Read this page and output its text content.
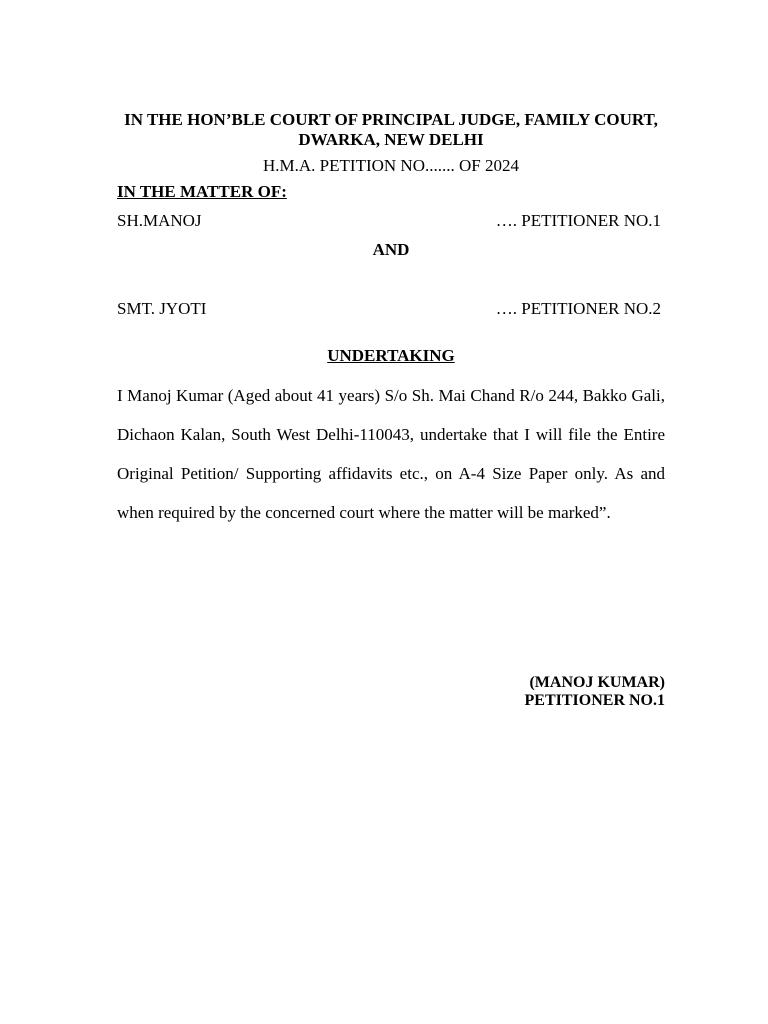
IN THE HON’BLE COURT OF PRINCIPAL JUDGE, FAMILY COURT, DWARKA, NEW DELHI

H.M.A. PETITION NO....... OF 2024

IN THE MATTER OF:

SH.MANOJ	…. PETITIONER NO.1
AND
SMT. JYOTI	…. PETITIONER NO.2

UNDERTAKING

I Manoj Kumar (Aged about 41 years) S/o Sh. Mai Chand R/o 244, Bakko Gali, Dichaon Kalan, South West Delhi-110043, undertake that I will file the Entire Original Petition/ Supporting affidavits etc., on A-4 Size Paper only. As and when required by the concerned court where the matter will be marked”.

(MANOJ KUMAR)
PETITIONER NO.1
